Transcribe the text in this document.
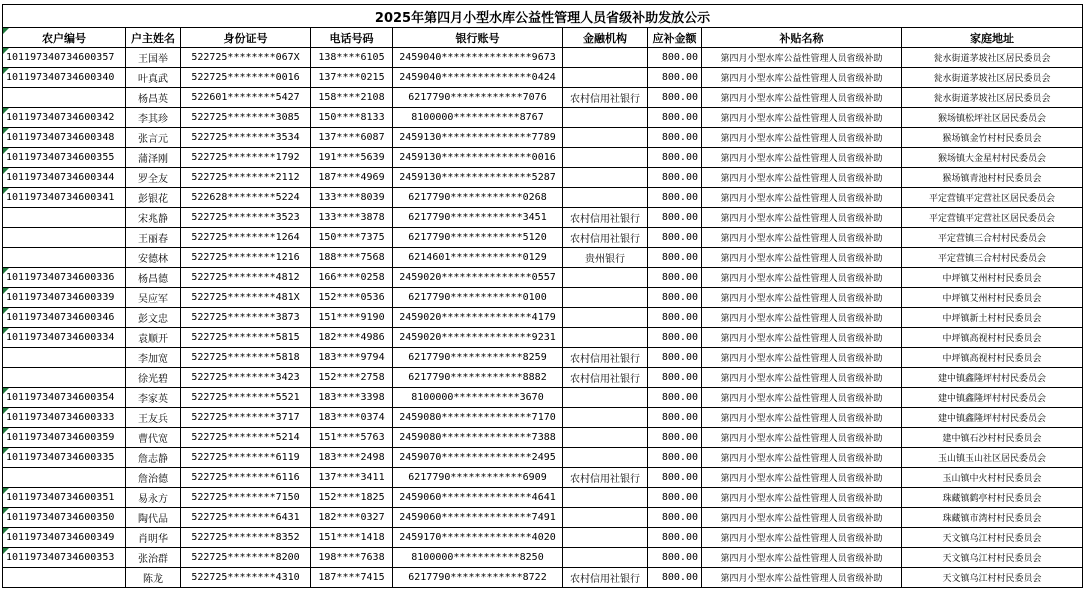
2025年第四月小型水库公益性管理人员省级补助发放公示								
农户编号	户主姓名	身份证号	电话号码	银行账号	金融机构	应补金额	补贴名称	家庭地址
101197340734600357	王国举	522725********067X	138****6105	2459040***************9673		800.00	第四月小型水库公益性管理人员省级补助	瓮水街道茅坡社区居民委员会
101197340734600340	叶真武	522725********0016	137****0215	2459040***************0424		800.00	第四月小型水库公益性管理人员省级补助	瓮水街道茅坡社区居民委员会
	杨昌英	522601********5427	158****2108	6217790************7076	农村信用社银行	800.00	第四月小型水库公益性管理人员省级补助	瓮水街道茅坡社区居民委员会
101197340734600342	李其珍	522725********3085	150****8133	8100000***********8767		800.00	第四月小型水库公益性管理人员省级补助	猴场镇松坪社区居民委员会
101197340734600348	张言元	522725********3534	137****6087	2459130***************7789		800.00	第四月小型水库公益性管理人员省级补助	猴场镇金竹村村民委员会
101197340734600355	蒲泽刚	522725********1792	191****5639	2459130***************0016		800.00	第四月小型水库公益性管理人员省级补助	猴场镇大金星村村民委员会
101197340734600344	罗全友	522725********2112	187****4969	2459130***************5287		800.00	第四月小型水库公益性管理人员省级补助	猴场镇青池村村民委员会
101197340734600341	彭银花	522628********5224	133****8039	6217790************0268		800.00	第四月小型水库公益性管理人员省级补助	平定营镇平定营社区居民委员会
	宋兆静	522725********3523	133****3878	6217790************3451	农村信用社银行	800.00	第四月小型水库公益性管理人员省级补助	平定营镇平定营社区居民委员会
	王丽春	522725********1264	150****7375	6217790************5120	农村信用社银行	800.00	第四月小型水库公益性管理人员省级补助	平定营镇三合村村民委员会
	安德林	522725********1216	188****7568	6214601************0129	贵州银行	800.00	第四月小型水库公益性管理人员省级补助	平定营镇三合村村民委员会
101197340734600336	杨昌德	522725********4812	166****0258	2459020***************0557		800.00	第四月小型水库公益性管理人员省级补助	中坪镇艾州村村民委员会
101197340734600339	吴应军	522725********481X	152****0536	6217790************0100		800.00	第四月小型水库公益性管理人员省级补助	中坪镇艾州村村民委员会
101197340734600346	彭文忠	522725********3873	151****9190	2459020***************4179		800.00	第四月小型水库公益性管理人员省级补助	中坪镇新土村村民委员会
101197340734600334	袁顺开	522725********5815	182****4986	2459020***************9231		800.00	第四月小型水库公益性管理人员省级补助	中坪镇高视村村民委员会
	李加宽	522725********5818	183****9794	6217790************8259	农村信用社银行	800.00	第四月小型水库公益性管理人员省级补助	中坪镇高视村村民委员会
	徐光碧	522725********3423	152****2758	6217790************8882	农村信用社银行	800.00	第四月小型水库公益性管理人员省级补助	建中镇鑫隆坪村村民委员会
101197340734600354	李家英	522725********5521	183****3398	8100000***********3670		800.00	第四月小型水库公益性管理人员省级补助	建中镇鑫隆坪村村民委员会
101197340734600333	王友兵	522725********3717	183****0374	2459080***************7170		800.00	第四月小型水库公益性管理人员省级补助	建中镇鑫隆坪村村民委员会
101197340734600359	曹代宽	522725********5214	151****5763	2459080***************7388		800.00	第四月小型水库公益性管理人员省级补助	建中镇石沙村村民委员会
101197340734600335	詹志静	522725********6119	183****2498	2459070***************2495		800.00	第四月小型水库公益性管理人员省级补助	玉山镇玉山社区居民委员会
	詹治德	522725********6116	137****3411	6217790************6909	农村信用社银行	800.00	第四月小型水库公益性管理人员省级补助	玉山镇中火村村民委员会
101197340734600351	易永方	522725********7150	152****1825	2459060***************4641		800.00	第四月小型水库公益性管理人员省级补助	珠藏镇鹤亭村村民委员会
101197340734600350	陶代品	522725********6431	182****0327	2459060***************7491		800.00	第四月小型水库公益性管理人员省级补助	珠藏镇市湾村村民委员会
101197340734600349	肖明华	522725********8352	151****1418	2459170***************4020		800.00	第四月小型水库公益性管理人员省级补助	天文镇乌江村村民委员会
101197340734600353	张治群	522725********8200	198****7638	8100000***********8250		800.00	第四月小型水库公益性管理人员省级补助	天文镇乌江村村民委员会
	陈龙	522725********4310	187****7415	6217790************8722	农村信用社银行	800.00	第四月小型水库公益性管理人员省级补助	天文镇乌江村村民委员会
